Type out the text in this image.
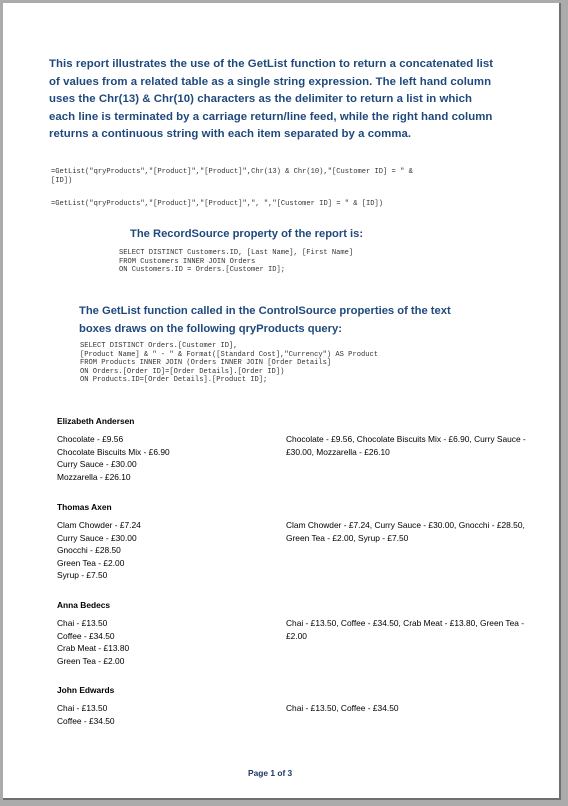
This report illustrates the use of the GetList function to return a concatenated list of values from a related table as a single string expression. The left hand column uses the Chr(13) & Chr(10) characters as the delimiter to return a list in which each line is terminated by a carriage return/line feed, while the right hand column returns a continuous string with each item separated by a comma.
=GetList("qryProducts","[Product]","[Product]",Chr(13) & Chr(10),"[Customer ID] = " &
[ID])
=GetList("qryProducts","[Product]","[Product]",", ","[Customer ID] = " & [ID])
The RecordSource property of the report is:
SELECT DISTINCT Customers.ID, [Last Name], [First Name]
FROM Customers INNER JOIN Orders
ON Customers.ID = Orders.[Customer ID];
The GetList function called in the ControlSource properties of the text boxes draws on the following qryProducts query:
SELECT DISTINCT Orders.[Customer ID],
[Product Name] & " - " & Format([Standard Cost],"Currency") AS Product
FROM Products INNER JOIN (Orders INNER JOIN [Order Details]
ON Orders.[Order ID]=[Order Details].[Order ID])
ON Products.ID=[Order Details].[Product ID];
Elizabeth Andersen
Chocolate - £9.56
Chocolate Biscuits Mix - £6.90
Curry Sauce - £30.00
Mozzarella - £26.10
Chocolate - £9.56, Chocolate Biscuits Mix - £6.90, Curry Sauce - £30.00, Mozzarella - £26.10
Thomas Axen
Clam Chowder - £7.24
Curry Sauce - £30.00
Gnocchi - £28.50
Green Tea - £2.00
Syrup - £7.50
Clam Chowder - £7.24, Curry Sauce - £30.00, Gnocchi - £28.50, Green Tea - £2.00, Syrup - £7.50
Anna Bedecs
Chai - £13.50
Coffee - £34.50
Crab Meat - £13.80
Green Tea - £2.00
Chai - £13.50, Coffee - £34.50, Crab Meat - £13.80, Green Tea - £2.00
John Edwards
Chai - £13.50
Coffee - £34.50
Chai - £13.50, Coffee - £34.50
Page 1 of 3
